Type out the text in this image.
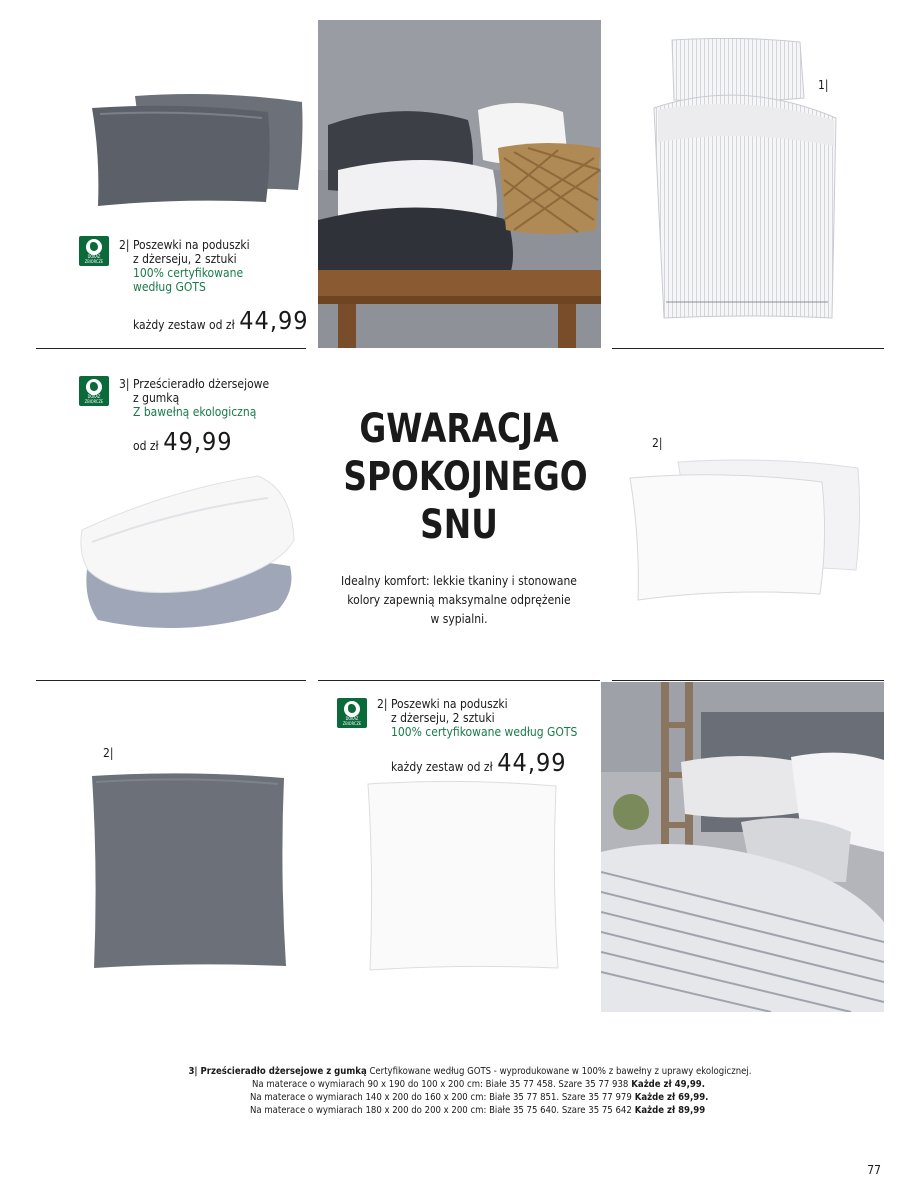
DOKAZ ZBIORCZE
2| Poszewki na poduszki
z dżerseju, 2 sztuki
100% certyfikowane
według GOTS
każdy zestaw od zł 44,99
1|
DOKAZ ZBIORCZE
3| Prześcieradło dżersejowe
z gumką
Z bawełną ekologiczną
od zł 49,99	GWARACJA
SPOKOJNEGO
SNU
Idealny komfort: lekkie tkaniny i stonowane
kolory zapewnią maksymalne odprężenie
w sypialni.
2|
2|
DOKAZ ZBIORCZE
2| Poszewki na poduszki
z dżerseju, 2 sztuki
100% certyfikowane według GOTS
każdy zestaw od zł 44,99
3| Prześcieradło dżersejowe z gumką Certyfikowane według GOTS - wyprodukowane w 100% z bawełny z uprawy ekologicznej.
Na materace o wymiarach 90 x 190 do 100 x 200 cm: Białe 35 77 458. Szare 35 77 938 Każde zł 49,99.
Na materace o wymiarach 140 x 200 do 160 x 200 cm: Białe 35 77 851. Szare 35 77 979 Każde zł 69,99.
Na materace o wymiarach 180 x 200 do 200 x 200 cm: Białe 35 75 640. Szare 35 75 642 Każde zł 89,99
77
